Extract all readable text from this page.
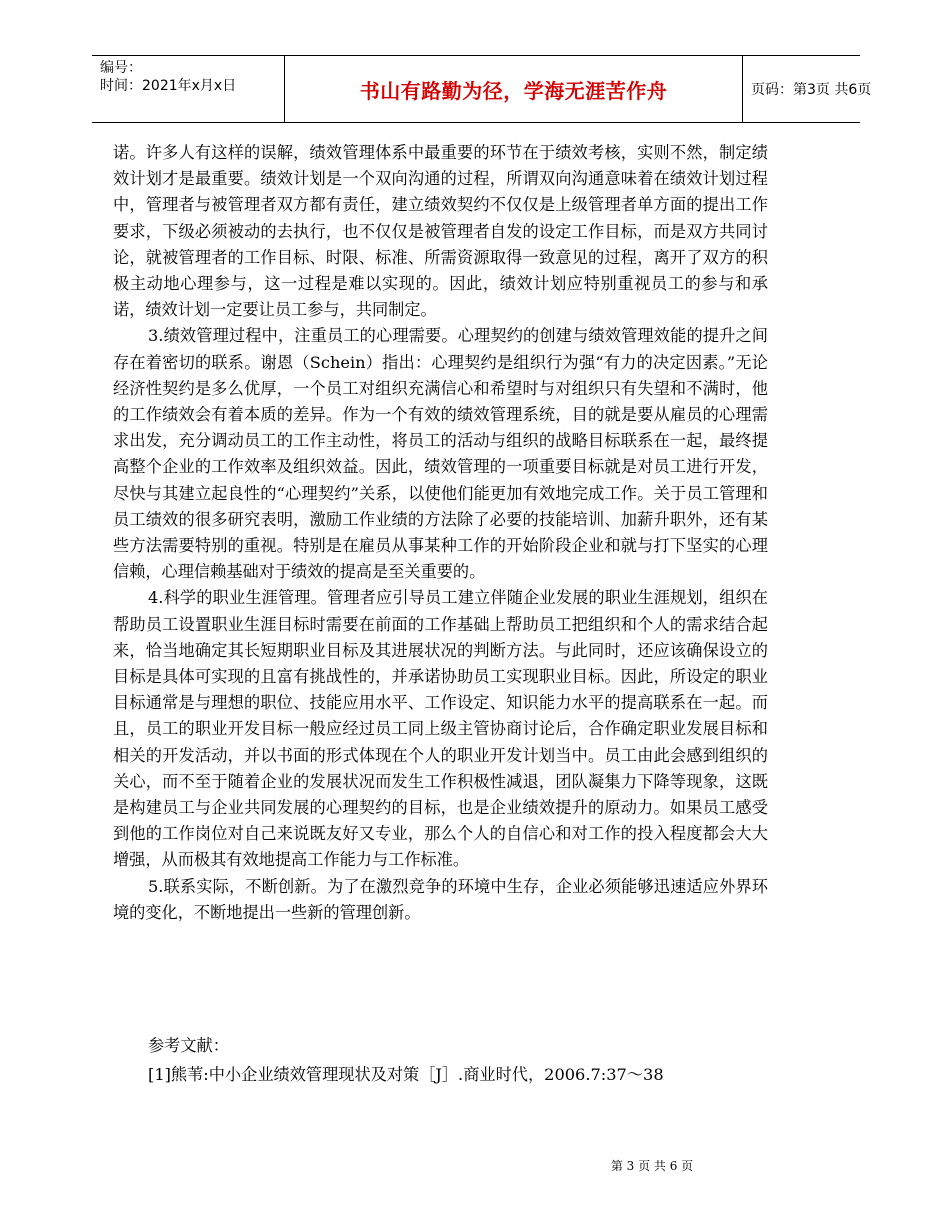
编号：
时间：2021年x月x日	书山有路勤为径，学海无涯苦作舟	页码：第3页 共6页

诺。许多人有这样的误解，绩效管理体系中最重要的环节在于绩效考核，实则不然，制定绩效计划才是最重要。绩效计划是一个双向沟通的过程，所谓双向沟通意味着在绩效计划过程中，管理者与被管理者双方都有责任，建立绩效契约不仅仅是上级管理者单方面的提出工作要求，下级必须被动的去执行，也不仅仅是被管理者自发的设定工作目标，而是双方共同讨论，就被管理者的工作目标、时限、标准、所需资源取得一致意见的过程，离开了双方的积极主动地心理参与，这一过程是难以实现的。因此，绩效计划应特别重视员工的参与和承诺，绩效计划一定要让员工参与，共同制定。

3.绩效管理过程中，注重员工的心理需要。心理契约的创建与绩效管理效能的提升之间存在着密切的联系。谢恩（Schein）指出：心理契约是组织行为强“有力的决定因素。”无论经济性契约是多么优厚，一个员工对组织充满信心和希望时与对组织只有失望和不满时，他的工作绩效会有着本质的差异。作为一个有效的绩效管理系统，目的就是要从雇员的心理需求出发，充分调动员工的工作主动性，将员工的活动与组织的战略目标联系在一起，最终提高整个企业的工作效率及组织效益。因此，绩效管理的一项重要目标就是对员工进行开发，尽快与其建立起良性的“心理契约”关系，以使他们能更加有效地完成工作。关于员工管理和员工绩效的很多研究表明，激励工作业绩的方法除了必要的技能培训、加薪升职外，还有某些方法需要特别的重视。特别是在雇员从事某种工作的开始阶段企业和就与打下坚实的心理信赖，心理信赖基础对于绩效的提高是至关重要的。

4.科学的职业生涯管理。管理者应引导员工建立伴随企业发展的职业生涯规划，组织在帮助员工设置职业生涯目标时需要在前面的工作基础上帮助员工把组织和个人的需求结合起来，恰当地确定其长短期职业目标及其进展状况的判断方法。与此同时，还应该确保设立的目标是具体可实现的且富有挑战性的，并承诺协助员工实现职业目标。因此，所设定的职业目标通常是与理想的职位、技能应用水平、工作设定、知识能力水平的提高联系在一起。而且，员工的职业开发目标一般应经过员工同上级主管协商讨论后，合作确定职业发展目标和相关的开发活动，并以书面的形式体现在个人的职业开发计划当中。员工由此会感到组织的关心，而不至于随着企业的发展状况而发生工作积极性减退，团队凝集力下降等现象，这既是构建员工与企业共同发展的心理契约的目标，也是企业绩效提升的原动力。如果员工感受到他的工作岗位对自己来说既友好又专业，那么个人的自信心和对工作的投入程度都会大大增强，从而极其有效地提高工作能力与工作标准。

5.联系实际，不断创新。为了在激烈竞争的环境中生存，企业必须能够迅速适应外界环境的变化，不断地提出一些新的管理创新。

参考文献：

[1]熊苇:中小企业绩效管理现状及对策［J］.商业时代，2006.7:37～38

第 3 页 共 6 页
